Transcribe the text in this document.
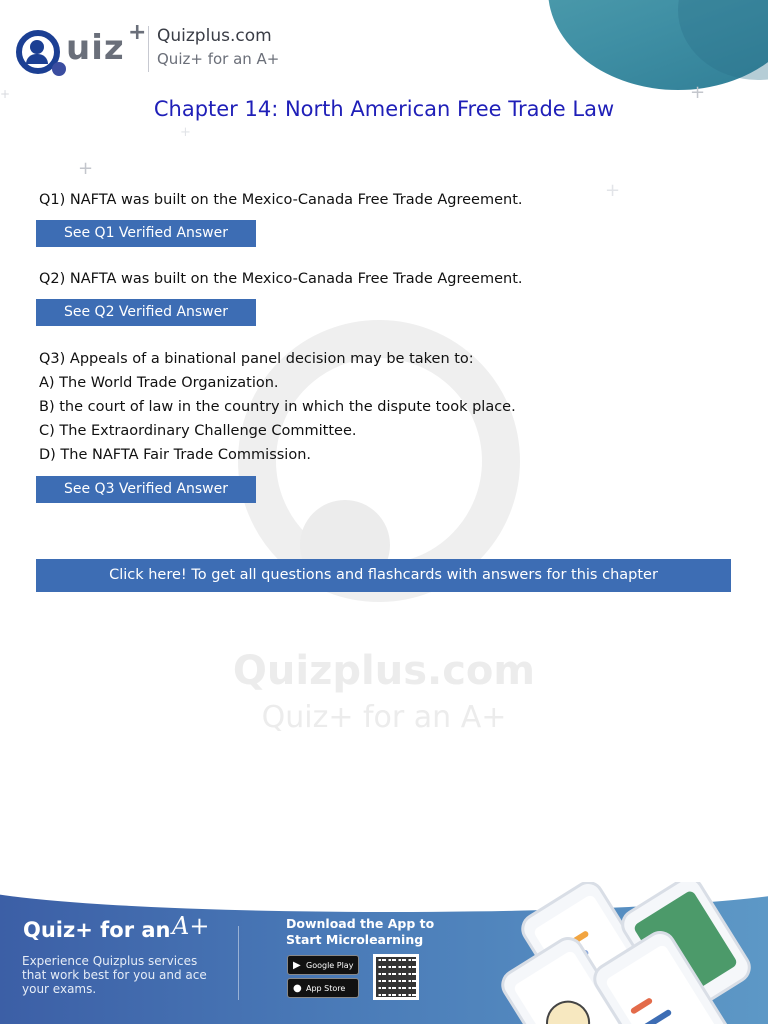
Quizplus.com
Quiz+ for an A+
uiz + Quizplus.com
Quiz+ for an A+
+
+
+
+
+
Chapter 14: North American Free Trade Law
Q1) NAFTA was built on the Mexico-Canada Free Trade Agreement.
See Q1 Verified Answer
Q2) NAFTA was built on the Mexico-Canada Free Trade Agreement.
See Q2 Verified Answer
Q3) Appeals of a binational panel decision may be taken to:
A) The World Trade Organization.
B) the court of law in the country in which the dispute took place.
C) The Extraordinary Challenge Committee.
D) The NAFTA Fair Trade Commission.
See Q3 Verified Answer
Click here! To get all questions and flashcards with answers for this chapter
Quiz+ for an A+
Experience Quizplus services that work best for you and ace your exams.
Download the App to Start Microlearning
▶ Google Play
● App Store
